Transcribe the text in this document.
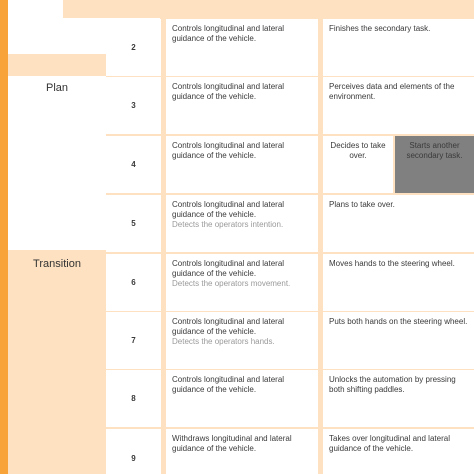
Plan
Transition
2
Controls longitudinal and lateral guidance of the vehicle.
Finishes the secondary task.
3
Controls longitudinal and lateral guidance of the vehicle.
Perceives data and elements of the environment.
4
Controls longitudinal and lateral guidance of the vehicle.
Decides to take over.
Starts another secondary task.
5
Controls longitudinal and lateral guidance of the vehicle.
Detects the operators intention.
Plans to take over.
6
Controls longitudinal and lateral guidance of the vehicle.
Detects the operators movement.
Moves hands to the steering wheel.
7
Controls longitudinal and lateral guidance of the vehicle.
Detects the operators hands.
Puts both hands on the steering wheel.
8
Controls longitudinal and lateral guidance of the vehicle.
Unlocks the automation by pressing both shifting paddles.
9
Withdraws longitudinal and lateral guidance of the vehicle.
Takes over longitudinal and lateral guidance of the vehicle.
